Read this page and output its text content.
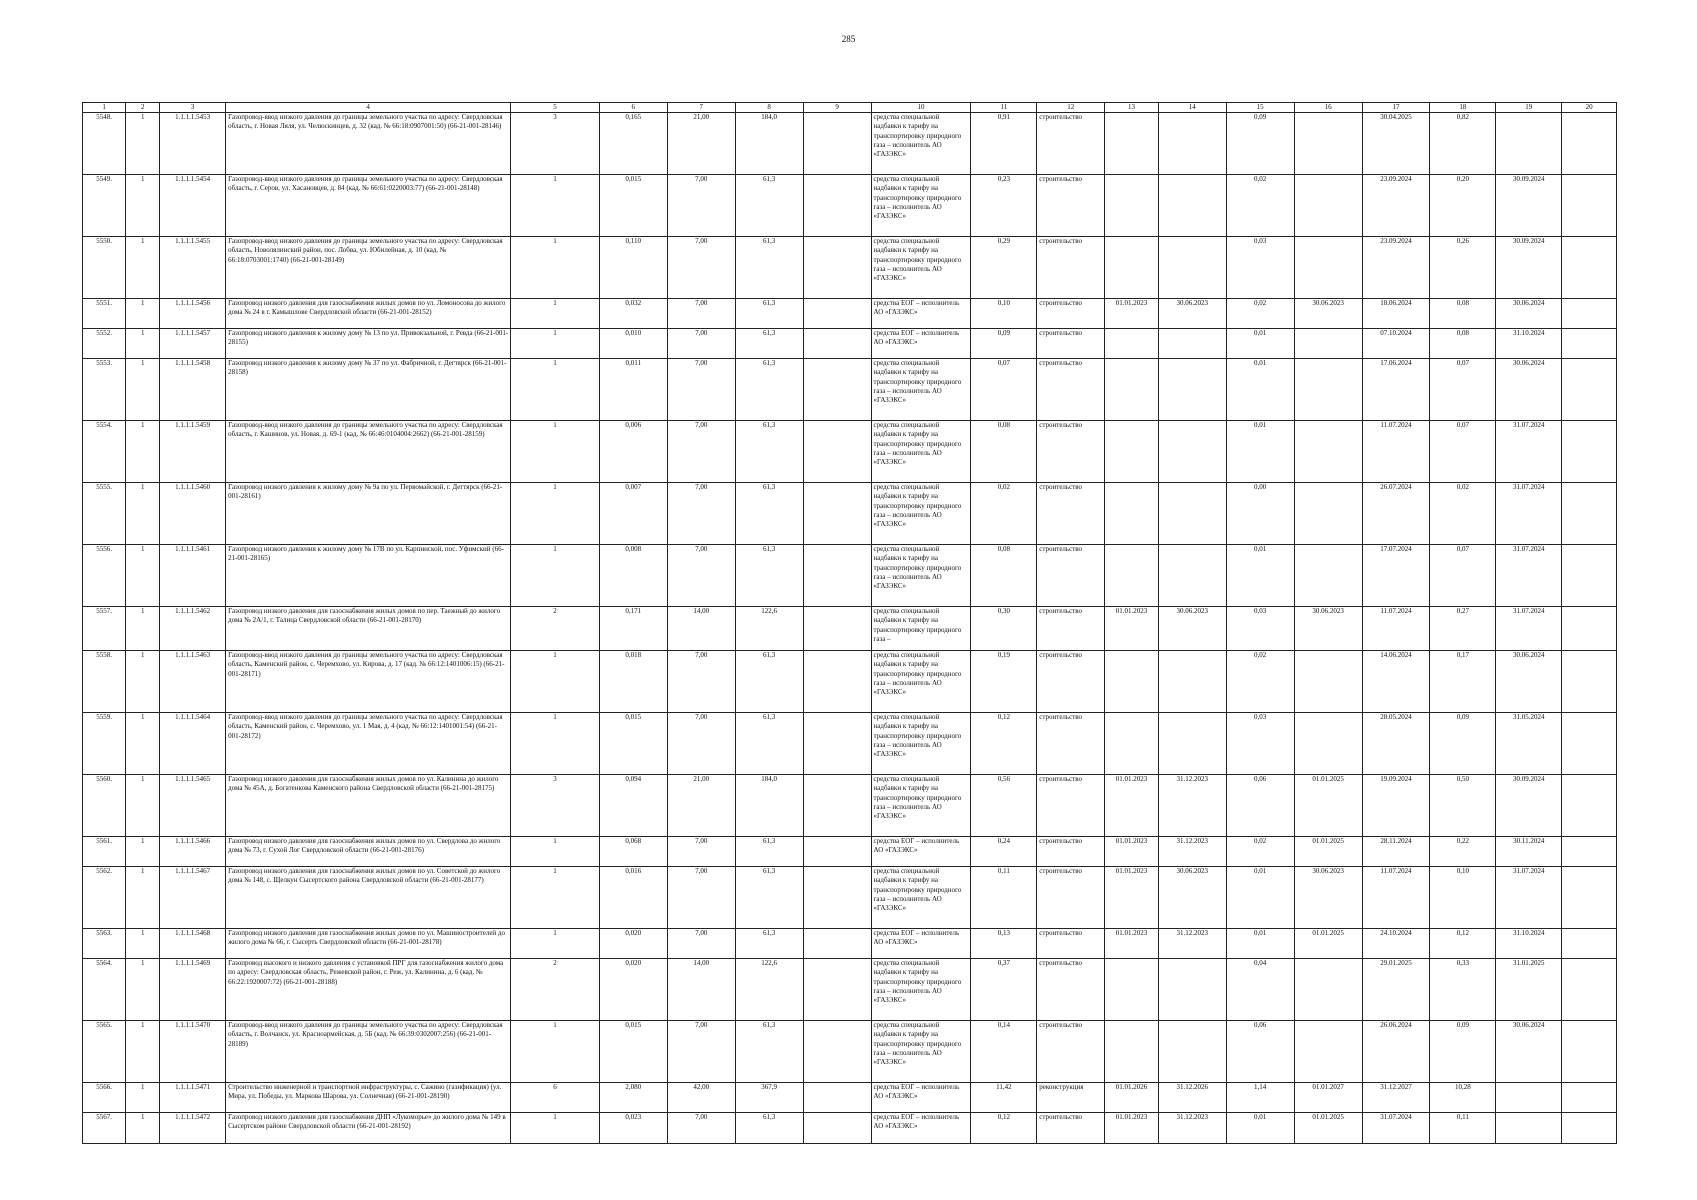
285
1	2	3	4	5	6	7	8	9	10	11	12	13	14	15	16	17	18	19	20
5548.	1	1.1.1.1.5453	Газопровод-ввод низкого давления до границы земельного участка по адресу: Свердловская область, г. Новая Ляля, ул. Челюскинцев, д. 32 (кад. № 66:18:0907001:50) (66-21-001-28146)	3	0,165	21,00	184,0		средства специальной надбавки к тарифу на транспортировку природного газа – исполнитель АО «ГАЗЭКС»	0,91	строительство			0,09		30.04.2025	0,82		
5549.	1	1.1.1.1.5454	Газопровод-ввод низкого давления до границы земельного участка по адресу: Свердловская область, г. Серов, ул. Хасановцев, д. 84 (кад. № 66:61:0220003:77) (66-21-001-28148)	1	0,015	7,00	61,3		средства специальной надбавки к тарифу на транспортировку природного газа – исполнитель АО «ГАЗЭКС»	0,23	строительство			0,02		23.09.2024	0,20	30.09.2024	
5550.	1	1.1.1.1.5455	Газопровод-ввод низкого давления до границы земельного участка по адресу: Свердловская область, Новолялинский район, пос. Лобва, ул. Юбилейная, д. 10 (кад. № 66:18:0703001:1740) (66-21-001-28149)	1	0,110	7,00	61,3		средства специальной надбавки к тарифу на транспортировку природного газа – исполнитель АО «ГАЗЭКС»	0,29	строительство			0,03		23.09.2024	0,26	30.09.2024	
5551.	1	1.1.1.1.5456	Газопровод низкого давления для газоснабжения жилых домов по ул. Ломоносова до жилого дома № 24 в г. Камышлове Свердловской области (66-21-001-28152)	1	0,032	7,00	61,3		средства ЕОГ – исполнитель АО «ГАЗЭКС»	0,10	строительство	01.01.2023	30.06.2023	0,02	30.06.2023	18.06.2024	0,08	30.06.2024	
5552.	1	1.1.1.1.5457	Газопровод низкого давления к жилому дому № 13 по ул. Привокзальной, г. Ревда (66-21-001-28155)	1	0,010	7,00	61,3		средства ЕОГ – исполнитель АО «ГАЗЭКС»	0,09	строительство			0,01		07.10.2024	0,08	31.10.2024	
5553.	1	1.1.1.1.5458	Газопровод низкого давления к жилому дому № 37 по ул. Фабричной, г. Дегтярск (66-21-001-28158)	1	0,011	7,00	61,3		средства специальной надбавки к тарифу на транспортировку природного газа – исполнитель АО «ГАЗЭКС»	0,07	строительство			0,01		17.06.2024	0,07	30.06.2024	
5554.	1	1.1.1.1.5459	Газопровод-ввод низкого давления до границы земельного участка по адресу: Свердловская область, г. Кашинов, ул. Новая, д. 69-1 (кад. № 66:46:0104004:2662) (66-21-001-28159)	1	0,006	7,00	61,3		средства специальной надбавки к тарифу на транспортировку природного газа – исполнитель АО «ГАЗЭКС»	0,08	строительство			0,01		11.07.2024	0,07	31.07.2024	
5555.	1	1.1.1.1.5460	Газопровод низкого давления к жилому дому № 9а по ул. Первомайской, г. Дегтярск (66-21-001-28161)	1	0,007	7,00	61,3		средства специальной надбавки к тарифу на транспортировку природного газа – исполнитель АО «ГАЗЭКС»	0,02	строительство			0,00		26.07.2024	0,02	31.07.2024	
5556.	1	1.1.1.1.5461	Газопровод низкого давления к жилому дому № 17В по ул. Карпинской, пос. Уфимский (66-21-001-28165)	1	0,008	7,00	61,3		средства специальной надбавки к тарифу на транспортировку природного газа – исполнитель АО «ГАЗЭКС»	0,08	строительство			0,01		17.07.2024	0,07	31.07.2024	
5557.	1	1.1.1.1.5462	Газопровод низкого давления для газоснабжения жилых домов по пер. Таежный до жилого дома № 2А/1, г. Талица Свердловской области (66-21-001-28170)	2	0,171	14,00	122,6		средства специальной надбавки к тарифу на транспортировку природного газа –	0,30	строительство	01.01.2023	30.06.2023	0,03	30.06.2023	11.07.2024	0,27	31.07.2024	
5558.	1	1.1.1.1.5463	Газопровод-ввод низкого давления до границы земельного участка по адресу: Свердловская область, Каменский район, с. Черемхово, ул. Кирова, д. 17 (кад. № 66:12:1401006:15) (66-21-001-28171)	1	0,018	7,00	61,3		средства специальной надбавки к тарифу на транспортировку природного газа – исполнитель АО «ГАЗЭКС»	0,19	строительство			0,02		14.06.2024	0,17	30.06.2024	
5559.	1	1.1.1.1.5464	Газопровод-ввод низкого давления до границы земельного участка по адресу: Свердловская область, Каменский район, с. Черемхово, ул. 1 Мая, д. 4 (кад. № 66:12:1401001:54) (66-21-001-28172)	1	0,015	7,00	61,3		средства специальной надбавки к тарифу на транспортировку природного газа – исполнитель АО «ГАЗЭКС»	0,12	строительство			0,03		28.05.2024	0,09	31.05.2024	
5560.	1	1.1.1.1.5465	Газопровод низкого давления для газоснабжения жилых домов по ул. Калинина до жилого дома № 45А, д. Богатенкова Каменского района Свердловской области (66-21-001-28175)	3	0,094	21,00	184,0		средства специальной надбавки к тарифу на транспортировку природного газа – исполнитель АО «ГАЗЭКС»	0,56	строительство	01.01.2023	31.12.2023	0,06	01.01.2025	19.09.2024	0,50	30.09.2024	
5561.	1	1.1.1.1.5466	Газопровод низкого давления для газоснабжения жилых домов по ул. Свердлова до жилого дома № 73, г. Сухой Лог Свердловской области (66-21-001-28176)	1	0,068	7,00	61,3		средства ЕОГ – исполнитель АО «ГАЗЭКС»	0,24	строительство	01.01.2023	31.12.2023	0,02	01.01.2025	28.11.2024	0,22	30.11.2024	
5562.	1	1.1.1.1.5467	Газопровод низкого давления для газоснабжения жилых домов по ул. Советской до жилого дома № 148, с. Щелкун Сысертского района Свердловской области (66-21-001-28177)	1	0,016	7,00	61,3		средства специальной надбавки к тарифу на транспортировку природного газа – исполнитель АО «ГАЗЭКС»	0,11	строительство	01.01.2023	30.06.2023	0,01	30.06.2023	11.07.2024	0,10	31.07.2024	
5563.	1	1.1.1.1.5468	Газопровод низкого давления для газоснабжения жилых домов по ул. Машиностроителей до жилого дома № 66, г. Сысерть Свердловской области (66-21-001-28178)	1	0,020	7,00	61,3		средства ЕОГ – исполнитель АО «ГАЗЭКС»	0,13	строительство	01.01.2023	31.12.2023	0,01	01.01.2025	24.10.2024	0,12	31.10.2024	
5564.	1	1.1.1.1.5469	Газопровод высокого и низкого давления с установкой ПРГ для газоснабжения жилого дома по адресу: Свердловская область, Режевской район, г. Реж, ул. Калинина, д. 6 (кад. № 66:22:1920007:72) (66-21-001-28188)	2	0,020	14,00	122,6		средства специальной надбавки к тарифу на транспортировку природного газа – исполнитель АО «ГАЗЭКС»	0,37	строительство			0,04		29.01.2025	0,33	31.01.2025	
5565.	1	1.1.1.1.5470	Газопровод-ввод низкого давления до границы земельного участка по адресу: Свердловская область, г. Волчанск, ул. Красноармейская, д. 5Б (кад. № 66:39:0302007:256) (66-21-001-28189)	1	0,015	7,00	61,3		средства специальной надбавки к тарифу на транспортировку природного газа – исполнитель АО «ГАЗЭКС»	0,14	строительство			0,06		26.06.2024	0,09	30.06.2024	
5566.	1	1.1.1.1.5471	Строительство инженерной и транспортной инфраструктуры, с. Сажино (газификация) (ул. Мира, ул. Победы, ул. Маркова Шарова, ул. Солнечная) (66-21-001-28190)	6	2,080	42,00	367,9		средства ЕОГ – исполнитель АО «ГАЗЭКС»	11,42	реконструкция	01.01.2026	31.12.2026	1,14	01.01.2027	31.12.2027	10,28		
5567.	1	1.1.1.1.5472	Газопровод низкого давления для газоснабжения ДНП «Лукоморье» до жилого дома № 149 в Сысертском районе Свердловской области (66-21-001-28192)	1	0,023	7,00	61,3		средства ЕОГ – исполнитель АО «ГАЗЭКС»	0,12	строительство	01.01.2023	31.12.2023	0,01	01.01.2025	31.07.2024	0,11		
